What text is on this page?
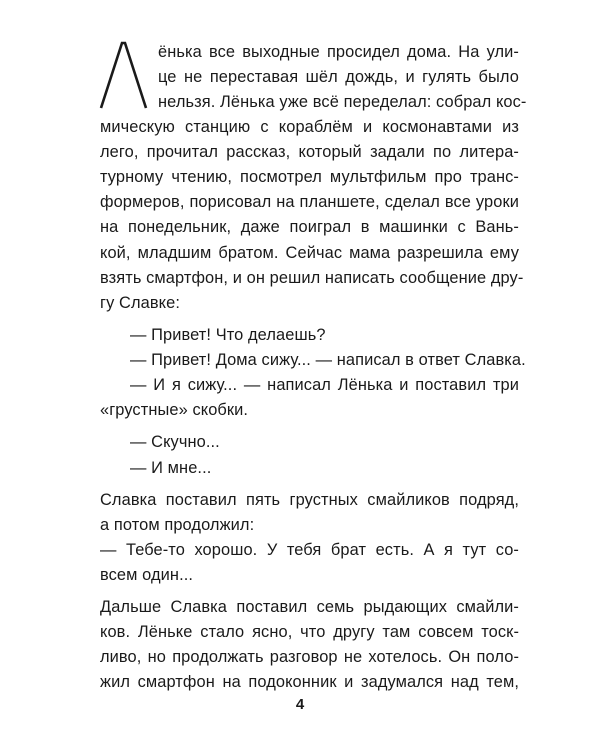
Л
ёнька все выходные просидел дома. На ули-
це не переставая шёл дождь, и гулять было
нельзя. Лёнька уже всё переделал: собрал кос-
мическую станцию с кораблём и космонавтами из
лего, прочитал рассказ, который задали по литера-
турному чтению, посмотрел мультфильм про транс-
формеров, порисовал на планшете, сделал все уроки
на понедельник, даже поиграл в машинки с Вань-
кой, младшим братом. Сейчас мама разрешила ему
взять смартфон, и он решил написать сообщение дру-
гу Славке:
— Привет! Что делаешь?
— Привет! Дома сижу... — написал в ответ Славка.
— И я сижу... — написал Лёнька и поставил три
«грустные» скобки.
— Скучно...
— И мне...
Славка поставил пять грустных смайликов подряд,
а потом продолжил:
— Тебе-то хорошо. У тебя брат есть. А я тут со-
всем один...
Дальше Славка поставил семь рыдающих смайли-
ков. Лёньке стало ясно, что другу там совсем тоск-
ливо, но продолжать разговор не хотелось. Он поло-
жил смартфон на подоконник и задумался над тем,
4
